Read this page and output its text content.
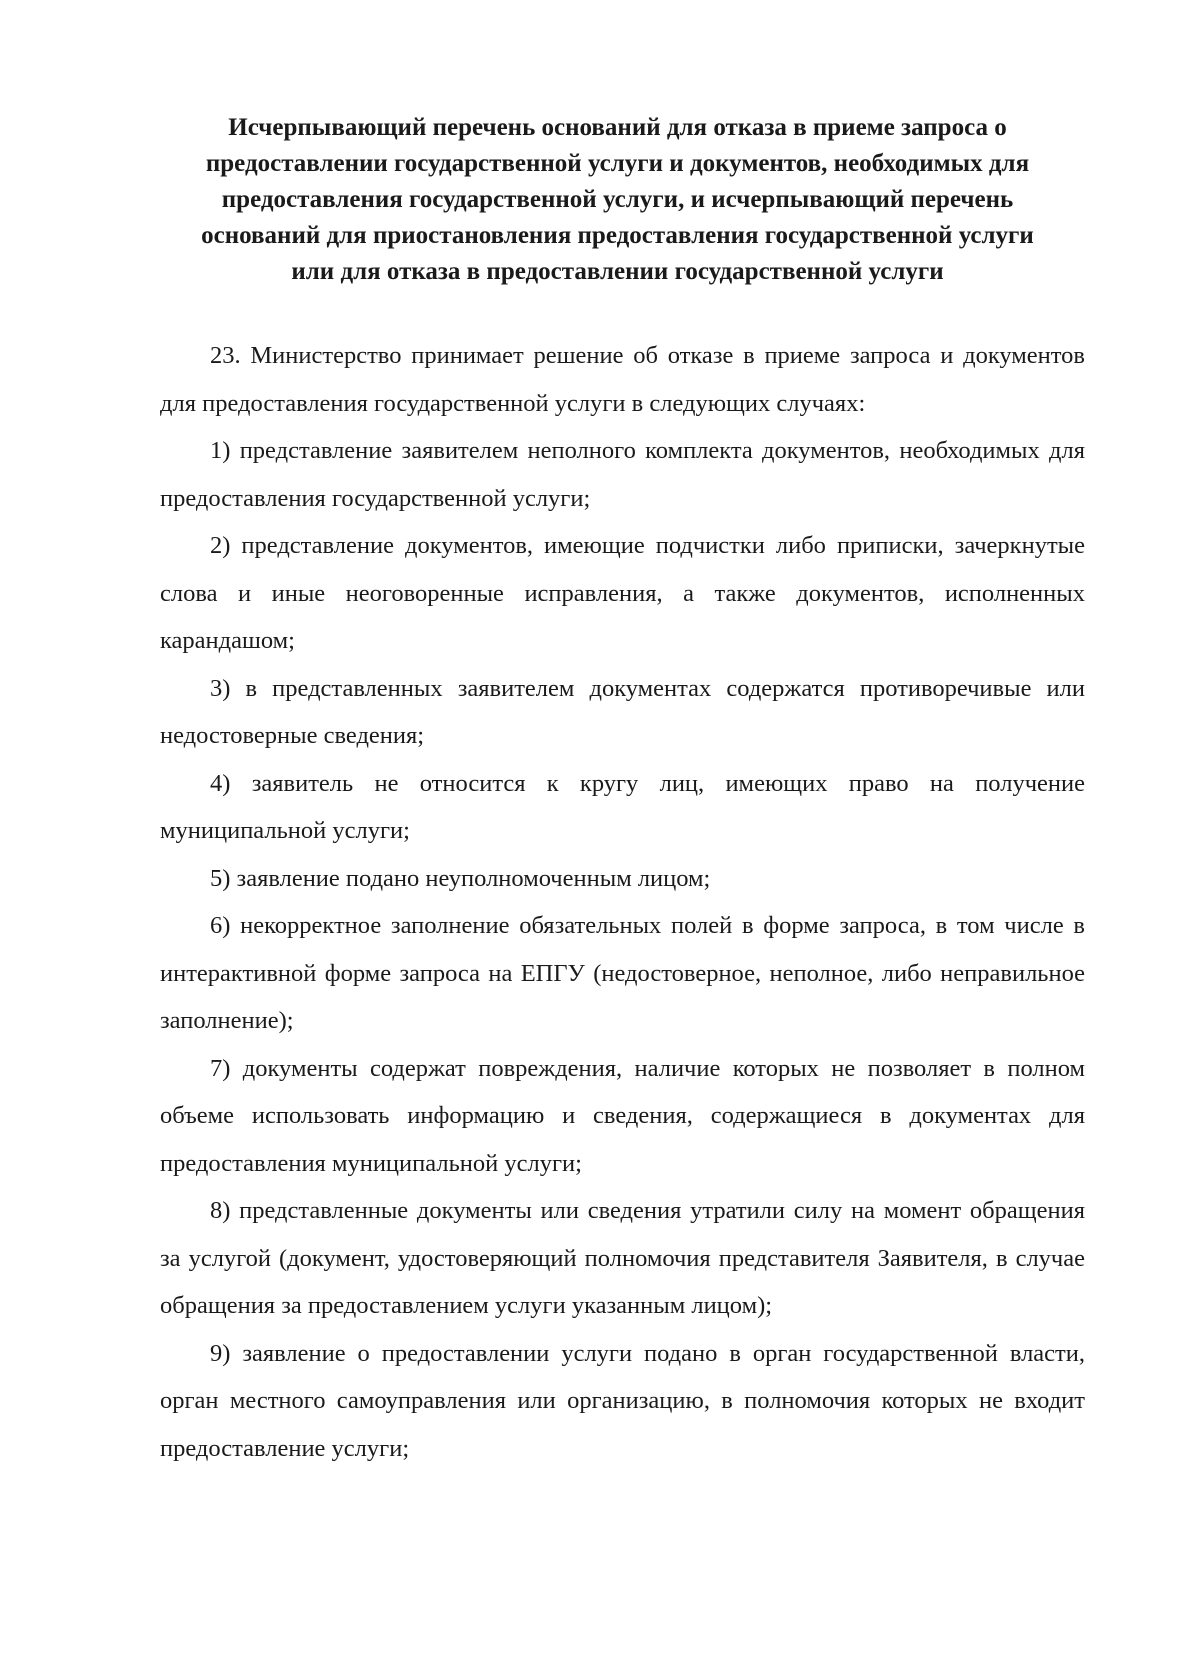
Исчерпывающий перечень оснований для отказа в приеме запроса о
предоставлении государственной услуги и документов, необходимых для
предоставления государственной услуги, и исчерпывающий перечень
оснований для приостановления предоставления государственной услуги
или для отказа в предоставлении государственной услуги

23. Министерство принимает решение об отказе в приеме запроса и документов для предоставления государственной услуги в следующих случаях:

1) представление заявителем неполного комплекта документов, необходимых для предоставления государственной услуги;

2) представление документов, имеющие подчистки либо приписки, зачеркнутые слова и иные неоговоренные исправления, а также документов, исполненных карандашом;

3) в представленных заявителем документах содержатся противоречивые или недостоверные сведения;

4) заявитель не относится к кругу лиц, имеющих право на получение муниципальной услуги;

5) заявление подано неуполномоченным лицом;

6) некорректное заполнение обязательных полей в форме запроса, в том числе в интерактивной форме запроса на ЕПГУ (недостоверное, неполное, либо неправильное заполнение);

7) документы содержат повреждения, наличие которых не позволяет в полном объеме использовать информацию и сведения, содержащиеся в документах для предоставления муниципальной услуги;

8) представленные документы или сведения утратили силу на момент обращения за услугой (документ, удостоверяющий полномочия представителя Заявителя, в случае обращения за предоставлением услуги указанным лицом);

9) заявление о предоставлении услуги подано в орган государственной власти, орган местного самоуправления или организацию, в полномочия которых не входит предоставление услуги;
